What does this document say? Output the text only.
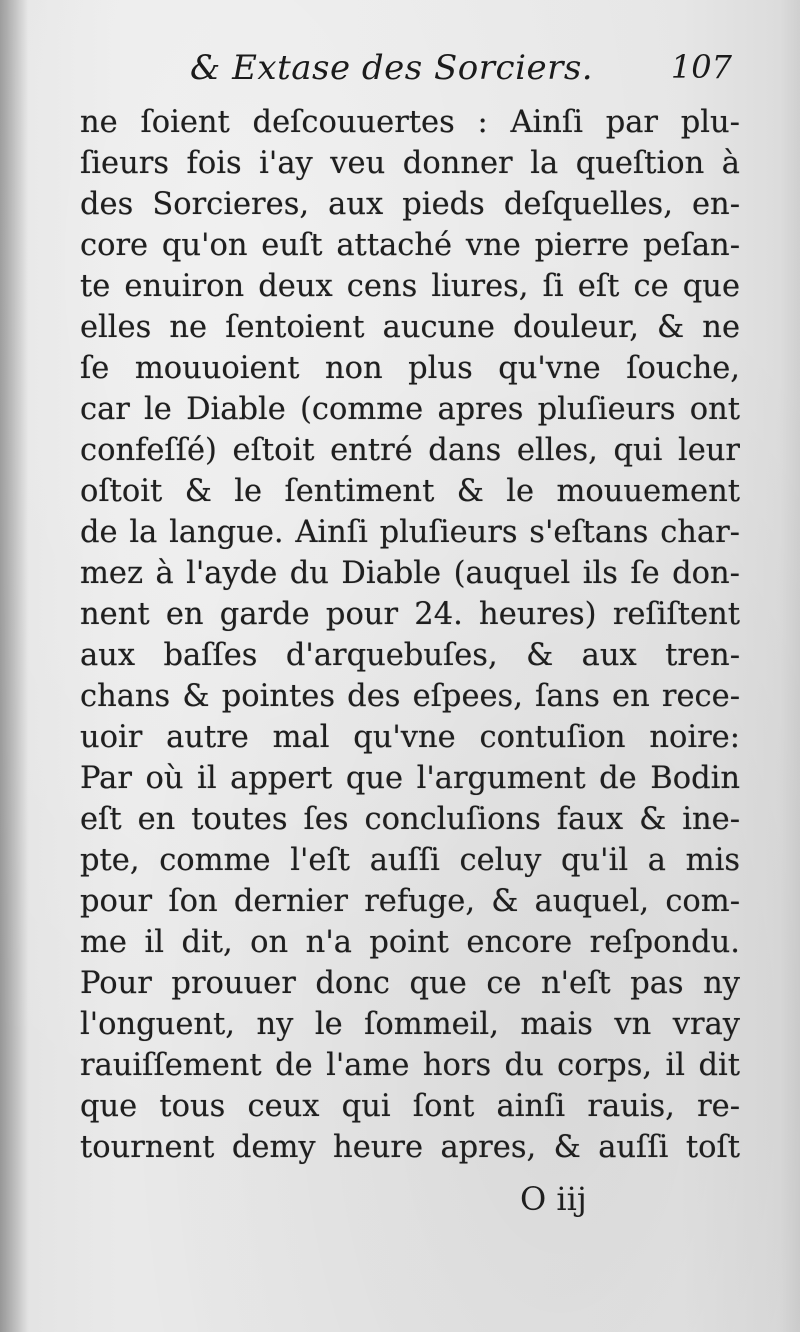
& Extase des Sorciers. 107
ne ſoient deſcouuertes : Ainſi par plu-
ſieurs fois i'ay veu donner la queſtion à
des Sorcieres, aux pieds deſquelles, en-
core qu'on euſt attaché vne pierre peſan-
te enuiron deux cens liures, ſi eſt ce que
elles ne ſentoient aucune douleur, & ne
ſe mouuoient non plus qu'vne ſouche,
car le Diable (comme apres pluſieurs ont
confeſſé) eſtoit entré dans elles, qui leur
oſtoit & le ſentiment & le mouuement
de la langue. Ainſi pluſieurs s'eſtans char-
mez à l'ayde du Diable (auquel ils ſe don-
nent en garde pour 24. heures) reſiſtent
aux baſſes d'arquebuſes, & aux tren-
chans & pointes des eſpees, ſans en rece-
uoir autre mal qu'vne contuſion noire:
Par où il appert que l'argument de Bodin
eſt en toutes ſes concluſions faux & ine-
pte, comme l'eſt auſſi celuy qu'il a mis
pour ſon dernier refuge, & auquel, com-
me il dit, on n'a point encore reſpondu.
Pour prouuer donc que ce n'eſt pas ny
l'onguent, ny le ſommeil, mais vn vray
rauiſſement de l'ame hors du corps, il dit
que tous ceux qui ſont ainſi rauis, re-
tournent demy heure apres, & auſſi toſt
O iij
